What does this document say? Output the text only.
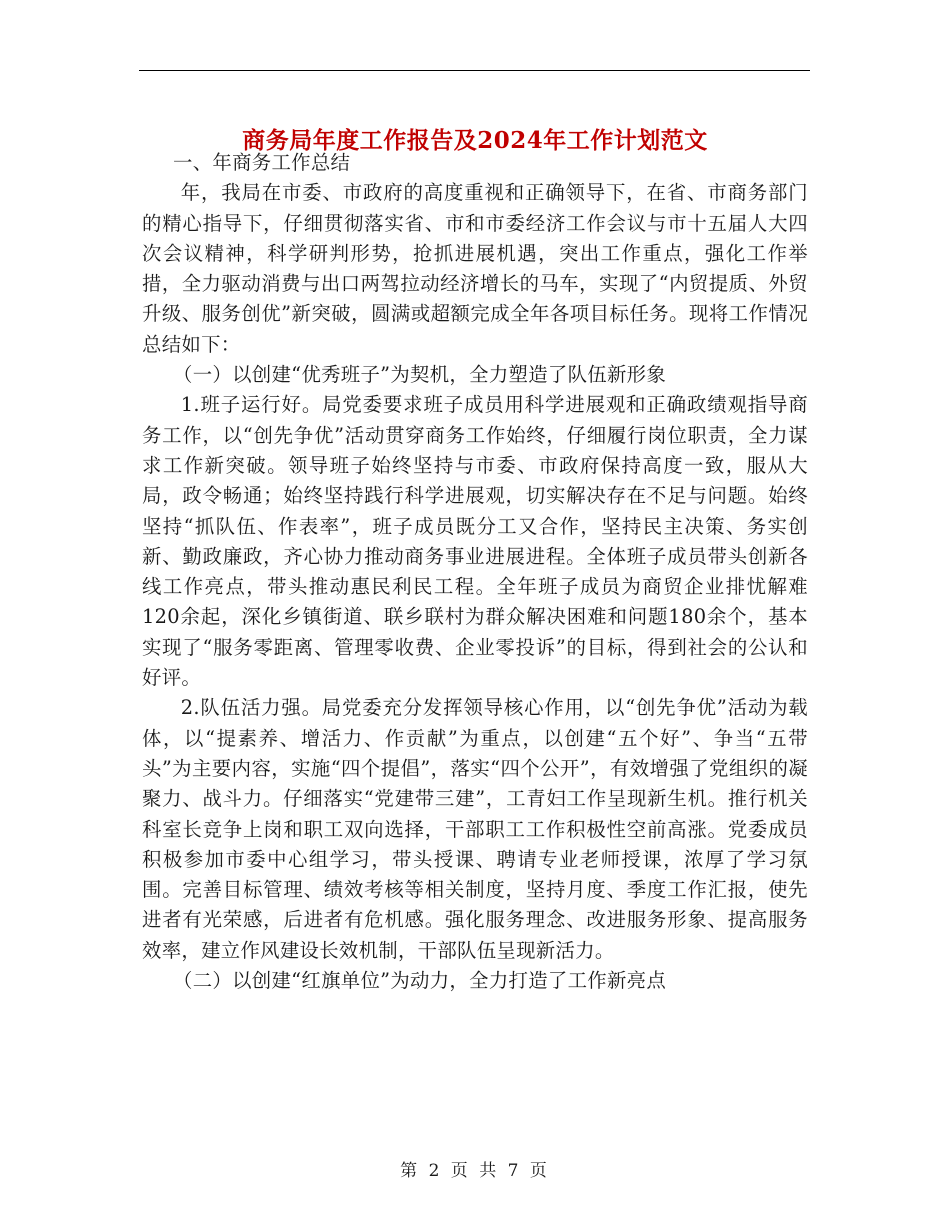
商务局年度工作报告及2024年工作计划范文

一、年商务工作总结

年，我局在市委、市政府的高度重视和正确领导下，在省、市商务部门的精心指导下，仔细贯彻落实省、市和市委经济工作会议与市十五届人大四次会议精神，科学研判形势，抢抓进展机遇，突出工作重点，强化工作举措，全力驱动消费与出口两驾拉动经济增长的马车，实现了“内贸提质、外贸升级、服务创优”新突破，圆满或超额完成全年各项目标任务。现将工作情况总结如下：

（一）以创建“优秀班子”为契机，全力塑造了队伍新形象

1.班子运行好。局党委要求班子成员用科学进展观和正确政绩观指导商务工作，以“创先争优”活动贯穿商务工作始终，仔细履行岗位职责，全力谋求工作新突破。领导班子始终坚持与市委、市政府保持高度一致，服从大局，政令畅通；始终坚持践行科学进展观，切实解决存在不足与问题。始终坚持“抓队伍、作表率”，班子成员既分工又合作，坚持民主决策、务实创新、勤政廉政，齐心协力推动商务事业进展进程。全体班子成员带头创新各线工作亮点，带头推动惠民利民工程。全年班子成员为商贸企业排忧解难120余起，深化乡镇街道、联乡联村为群众解决困难和问题180余个，基本实现了“服务零距离、管理零收费、企业零投诉”的目标，得到社会的公认和好评。

2.队伍活力强。局党委充分发挥领导核心作用，以“创先争优”活动为载体，以“提素养、增活力、作贡献”为重点，以创建“五个好”、争当“五带头”为主要内容，实施“四个提倡”，落实“四个公开”，有效增强了党组织的凝聚力、战斗力。仔细落实“党建带三建”，工青妇工作呈现新生机。推行机关科室长竞争上岗和职工双向选择，干部职工工作积极性空前高涨。党委成员积极参加市委中心组学习，带头授课、聘请专业老师授课，浓厚了学习氛围。完善目标管理、绩效考核等相关制度，坚持月度、季度工作汇报，使先进者有光荣感，后进者有危机感。强化服务理念、改进服务形象、提高服务效率，建立作风建设长效机制，干部队伍呈现新活力。

（二）以创建“红旗单位”为动力，全力打造了工作新亮点

第 2 页 共 7 页
